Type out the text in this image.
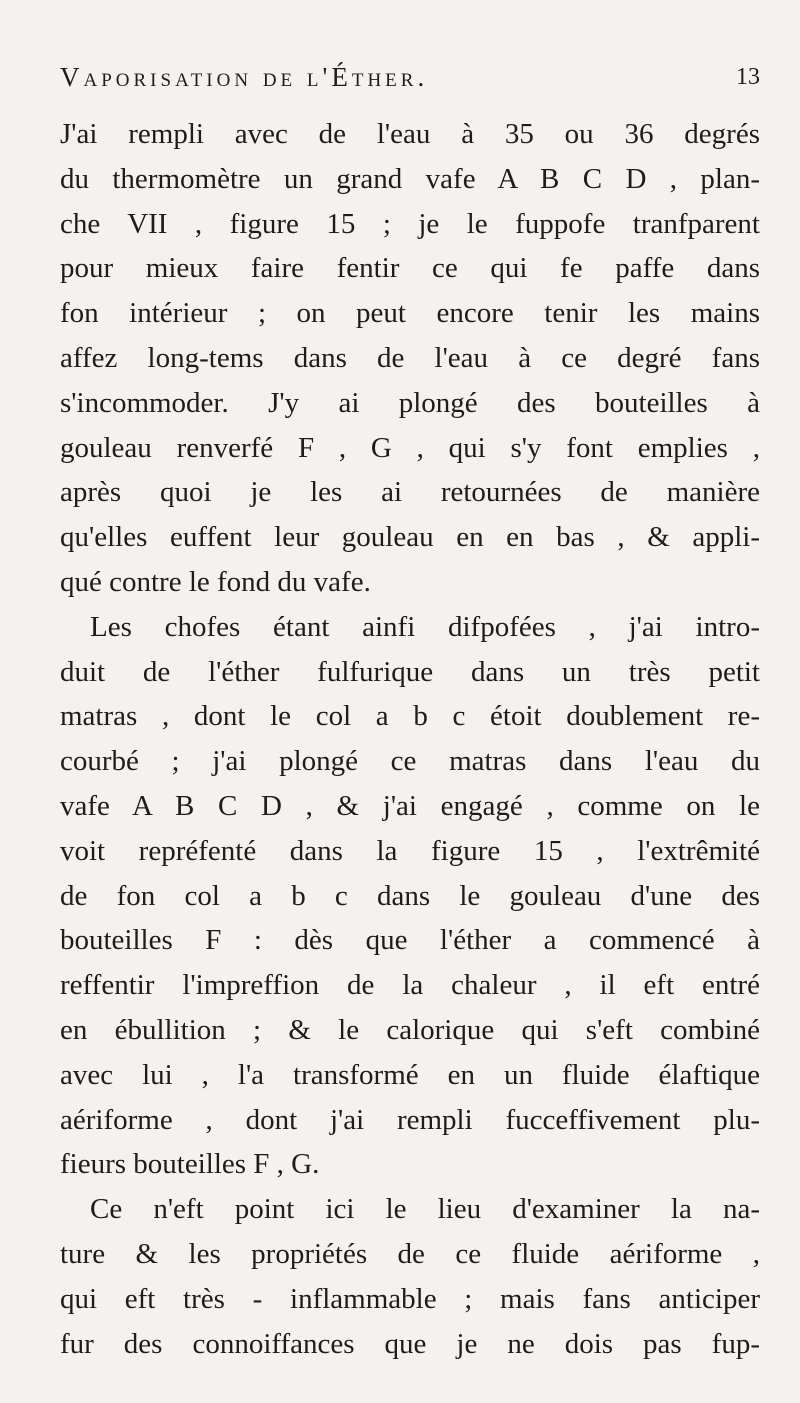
Vaporisation de l'Éther.	13
J'ai rempli avec de l'eau à 35 ou 36 degrés
du thermomètre un grand vafe A B C D , plan-
che VII , figure 15 ; je le fuppofe tranfparent
pour mieux faire fentir ce qui fe paffe dans
fon intérieur ; on peut encore tenir les mains
affez long-tems dans de l'eau à ce degré fans
s'incommoder. J'y ai plongé des bouteilles à
gouleau renverfé F , G , qui s'y font emplies ,
après quoi je les ai retournées de manière
qu'elles euffent leur gouleau en en bas , & appli-
qué contre le fond du vafe.
Les chofes étant ainfi difpofées , j'ai intro-
duit de l'éther fulfurique dans un très petit
matras , dont le col a b c étoit doublement re-
courbé ; j'ai plongé ce matras dans l'eau du
vafe A B C D , & j'ai engagé , comme on le
voit repréfenté dans la figure 15 , l'extrêmité
de fon col a b c dans le gouleau d'une des
bouteilles F : dès que l'éther a commencé à
reffentir l'impreffion de la chaleur , il eft entré
en ébullition ; & le calorique qui s'eft combiné
avec lui , l'a transformé en un fluide élaftique
aériforme , dont j'ai rempli fucceffivement plu-
fieurs bouteilles F , G.
Ce n'eft point ici le lieu d'examiner la na-
ture & les propriétés de ce fluide aériforme ,
qui eft très - inflammable ; mais fans anticiper
fur des connoiffances que je ne dois pas fup-
